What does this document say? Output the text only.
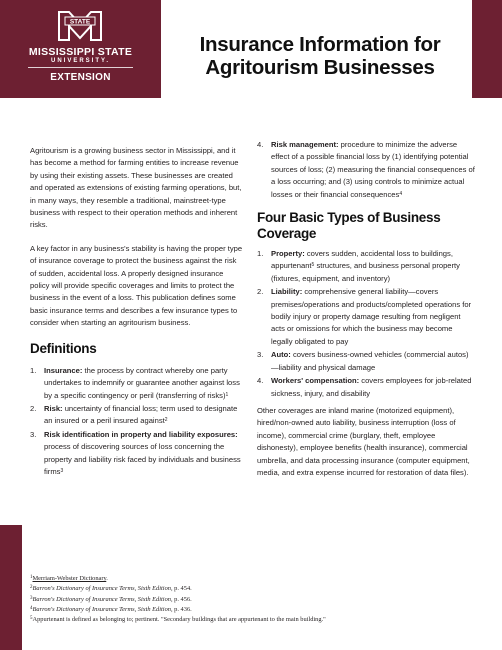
STATE
MISSISSIPPI STATE
UNIVERSITY.
EXTENSION
Insurance Information for
Agritourism Businesses

Agritourism is a growing business sector in Mississippi, and it has become a method for farming entities to increase revenue by using their existing assets. These businesses are created and operated as extensions of existing farming operations, but, in many ways, they resemble a traditional, mainstreet-type business with respect to their operation methods and inherent risks.

A key factor in any business's stability is having the proper type of insurance coverage to protect the business against the risk of sudden, accidental loss. A properly designed insurance policy will provide specific coverages and limits to protect the business in the event of a loss. This publication defines some basic insurance terms and describes a few insurance types to consider when starting an agritourism business.

Definitions
1. Insurance: the process by contract whereby one party undertakes to indemnify or guarantee another against loss by a specific contingency or peril (transferring of risks)$^1$
2. Risk: uncertainty of financial loss; term used to designate an insured or a peril insured against$^2$
3. Risk identification in property and liability exposures: process of discovering sources of loss concerning the property and liability risk faced by individuals and business firms$^3$
4. Risk management: procedure to minimize the adverse effect of a possible financial loss by (1) identifying potential sources of loss; (2) measuring the financial consequences of a loss occurring; and (3) using controls to minimize actual losses or their financial consequences$^4$
Four Basic Types of Business Coverage
1. Property: covers sudden, accidental loss to buildings, appurtenant$^5$ structures, and business personal property (fixtures, equipment, and inventory)
2. Liability: comprehensive general liability—covers premises/operations and products/completed operations for bodily injury or property damage resulting from negligent acts or omissions for which the business may become legally obligated to pay
3. Auto: covers business-owned vehicles (commercial autos)—liability and physical damage
4. Workers' compensation: covers employees for job-related sickness, injury, and disability

Other coverages are inland marine (motorized equipment), hired/non-owned auto liability, business interruption (loss of income), commercial crime (burglary, theft, employee dishonesty), employee benefits (health insurance), commercial umbrella, and data processing insurance (computer equipment, media, and extra expense incurred for restoration of data files).

$^1$Merriam-Webster Dictionary.
$^2$Barron's Dictionary of Insurance Terms, Sixth Edition, p. 454.
$^3$Barron's Dictionary of Insurance Terms, Sixth Edition, p. 456.
$^4$Barron's Dictionary of Insurance Terms, Sixth Edition, p. 436.
$^5$Appurtenant is defined as belonging to; pertinent. "Secondary buildings that are appurtenant to the main building."
